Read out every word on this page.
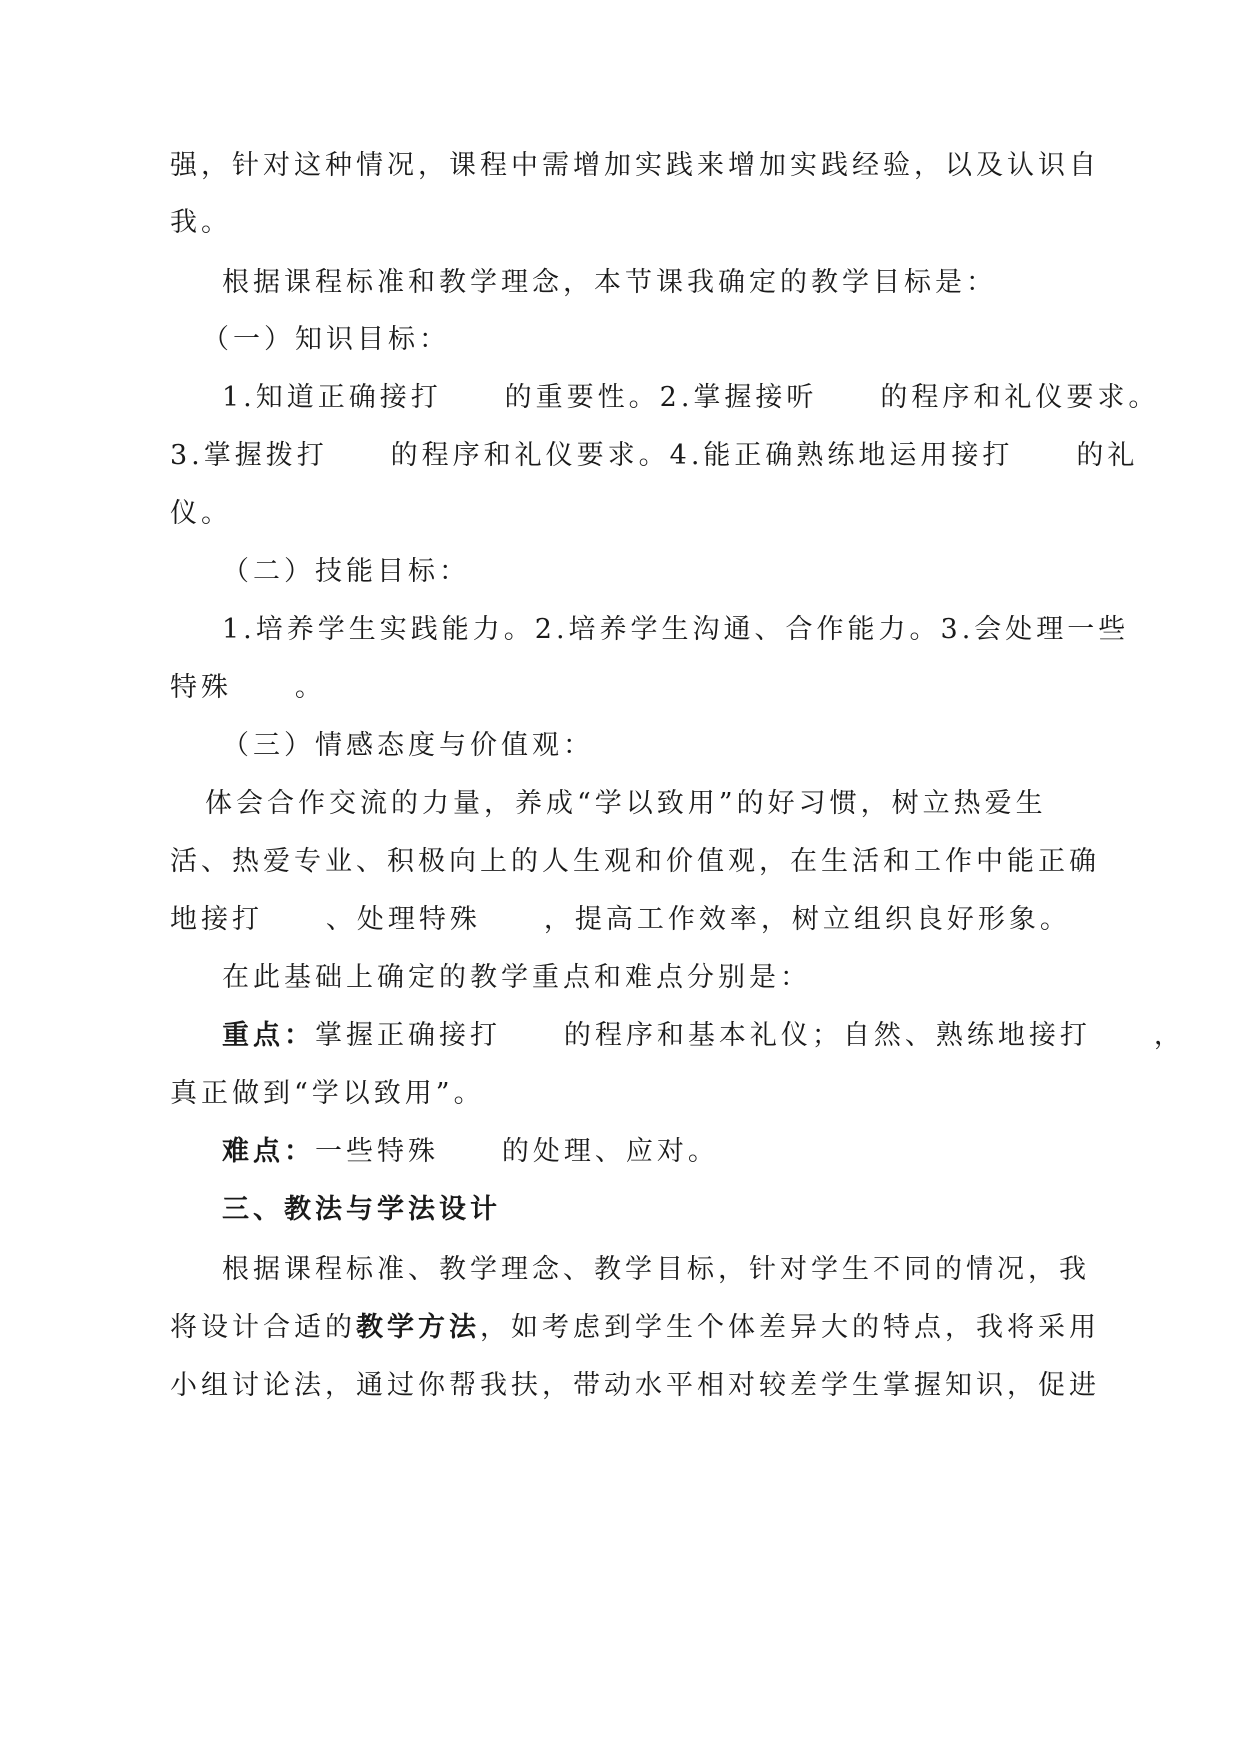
强，针对这种情况，课程中需增加实践来增加实践经验，以及认识自
我。
根据课程标准和教学理念，本节课我确定的教学目标是：
（一）知识目标：
1.知道正确接打     的重要性。2.掌握接听     的程序和礼仪要求。
3.掌握拨打     的程序和礼仪要求。4.能正确熟练地运用接打     的礼
仪。
（二）技能目标：
1.培养学生实践能力。2.培养学生沟通、合作能力。3.会处理一些
特殊     。
（三）情感态度与价值观：
体会合作交流的力量，养成“学以致用”的好习惯，树立热爱生
活、热爱专业、积极向上的人生观和价值观，在生活和工作中能正确
地接打     、处理特殊     ，提高工作效率，树立组织良好形象。
在此基础上确定的教学重点和难点分别是：
重点：掌握正确接打     的程序和基本礼仪；自然、熟练地接打     ，
真正做到“学以致用”。
难点：一些特殊     的处理、应对。
三、教法与学法设计
根据课程标准、教学理念、教学目标，针对学生不同的情况，我
将设计合适的教学方法，如考虑到学生个体差异大的特点，我将采用
小组讨论法，通过你帮我扶，带动水平相对较差学生掌握知识，促进
